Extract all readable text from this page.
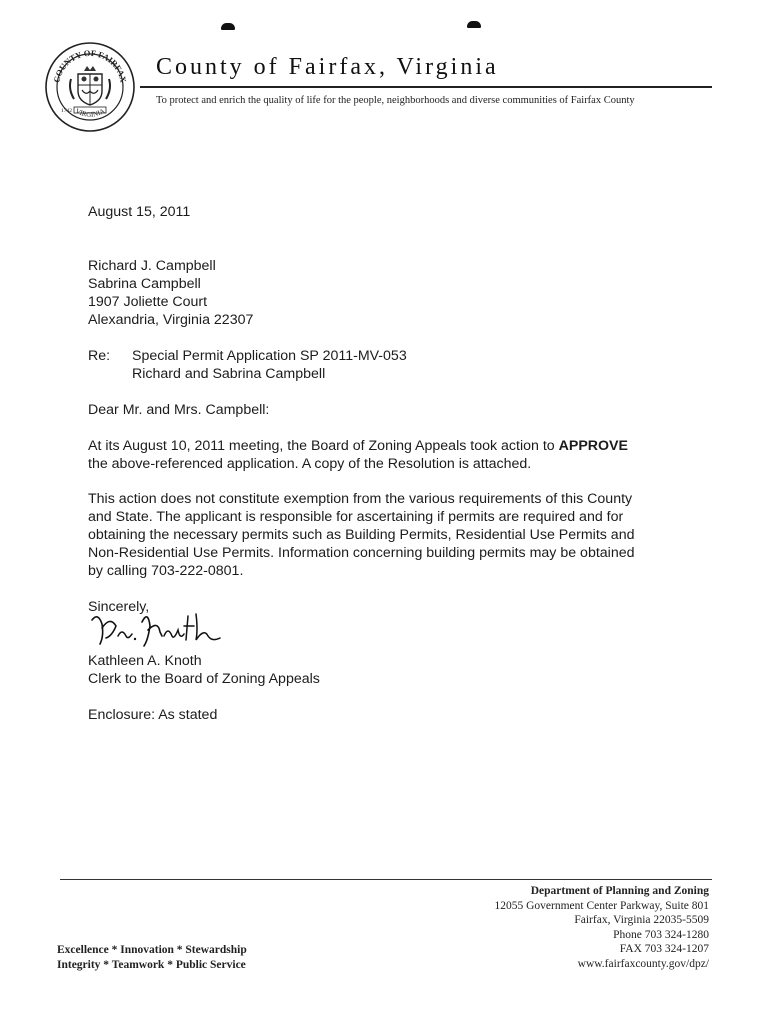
COUNTY OF FAIRFAX
VIRGINIA
1742
County of Fairfax, Virginia
To protect and enrich the quality of life for the people, neighborhoods and diverse communities of Fairfax County
August 15, 2011
Richard J. Campbell
Sabrina Campbell
1907 Joliette Court
Alexandria, Virginia 22307
Re: Special Permit Application SP 2011-MV-053
Richard and Sabrina Campbell
Dear Mr. and Mrs. Campbell:
At its August 10, 2011 meeting, the Board of Zoning Appeals took action to APPROVE
the above-referenced application. A copy of the Resolution is attached.
This action does not constitute exemption from the various requirements of this County
and State. The applicant is responsible for ascertaining if permits are required and for
obtaining the necessary permits such as Building Permits, Residential Use Permits and
Non-Residential Use Permits. Information concerning building permits may be obtained
by calling 703-222-0801.
Sincerely,
Kathleen A. Knoth
Clerk to the Board of Zoning Appeals
Enclosure: As stated
Department of Planning and Zoning
12055 Government Center Parkway, Suite 801
Fairfax, Virginia 22035-5509
Phone 703 324-1280
FAX 703 324-1207
www.fairfaxcounty.gov/dpz/
Excellence * Innovation * Stewardship
Integrity * Teamwork * Public Service
